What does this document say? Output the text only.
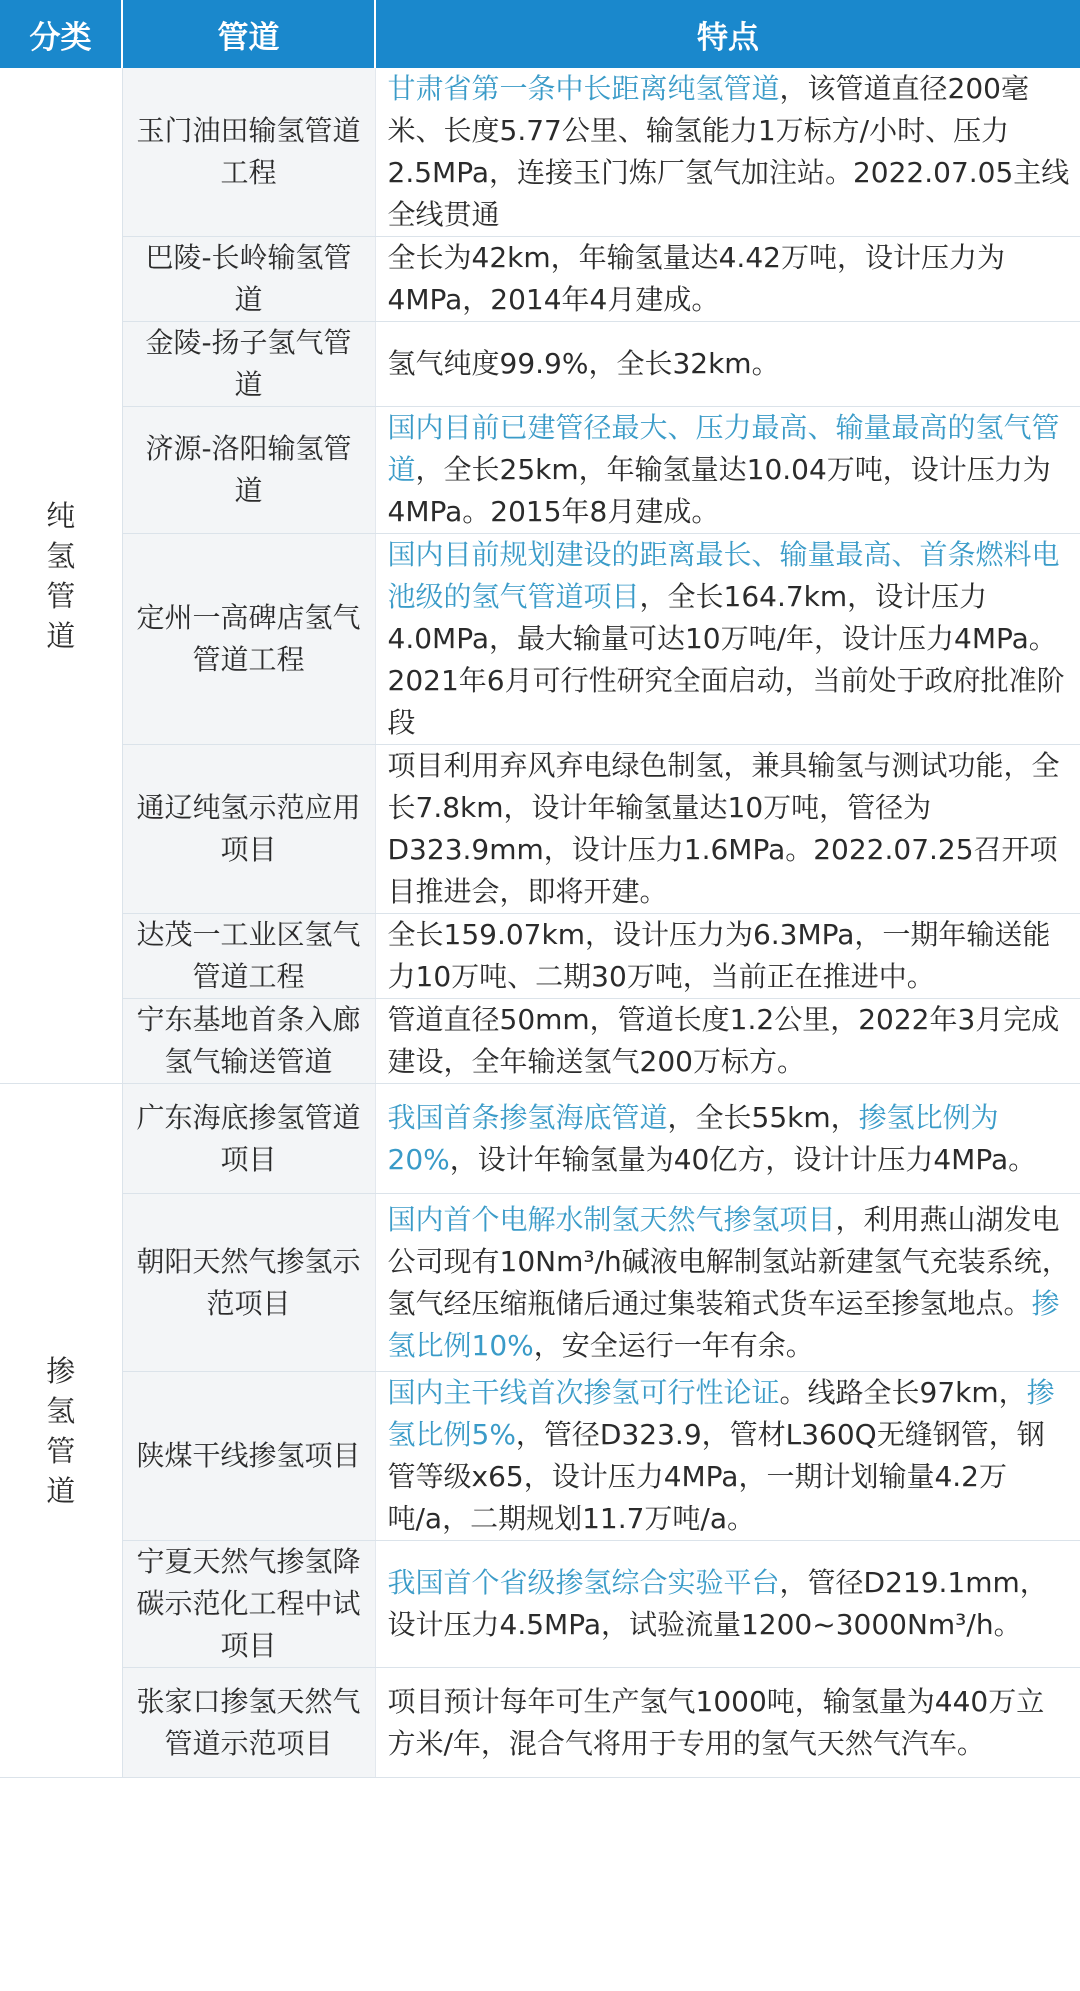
分类	管道	特点
纯氢管道	玉门油田输氢管道工程	甘肃省第一条中长距离纯氢管道，该管道直径200毫米、长度5.77公里、输氢能力1万标方/小时、压力2.5MPa，连接玉门炼厂氢气加注站。2022.07.05主线全线贯通
	巴陵-长岭输氢管道	全长为42km，年输氢量达4.42万吨，设计压力为4MPa，2014年4月建成。
	金陵-扬子氢气管道	氢气纯度99.9%，全长32km。
	济源-洛阳输氢管道	国内目前已建管径最大、压力最高、输量最高的氢气管道，全长25km，年输氢量达10.04万吨，设计压力为4MPa。2015年8月建成。
	定州一高碑店氢气管道工程	国内目前规划建设的距离最长、输量最高、首条燃料电池级的氢气管道项目，全长164.7km，设计压力4.0MPa，最大输量可达10万吨/年，设计压力4MPa。2021年6月可行性研究全面启动，当前处于政府批准阶段
	通辽纯氢示范应用项目	项目利用弃风弃电绿色制氢，兼具输氢与测试功能，全长7.8km，设计年输氢量达10万吨，管径为D323.9mm，设计压力1.6MPa。2022.07.25召开项目推进会，即将开建。
	达茂一工业区氢气管道工程	全长159.07km，设计压力为6.3MPa，一期年输送能力10万吨、二期30万吨，当前正在推进中。
	宁东基地首条入廊氢气输送管道	管道直径50mm，管道长度1.2公里，2022年3月完成建设，全年输送氢气200万标方。
掺氢管道	广东海底掺氢管道项目	我国首条掺氢海底管道，全长55km，掺氢比例为20%，设计年输氢量为40亿方，设计计压力4MPa。
	朝阳天然气掺氢示范项目	国内首个电解水制氢天然气掺氢项目，利用燕山湖发电公司现有10Nm³/h碱液电解制氢站新建氢气充装系统，氢气经压缩瓶储后通过集装箱式货车运至掺氢地点。掺氢比例10%，安全运行一年有余。
	陕煤干线掺氢项目	国内主干线首次掺氢可行性论证。线路全长97km，掺氢比例5%，管径D323.9，管材L360Q无缝钢管，钢管等级x65，设计压力4MPa，一期计划输量4.2万吨/a，二期规划11.7万吨/a。
	宁夏天然气掺氢降碳示范化工程中试项目	我国首个省级掺氢综合实验平台，管径D219.1mm，设计压力4.5MPa，试验流量1200~3000Nm³/h。
	张家口掺氢天然气管道示范项目	项目预计每年可生产氢气1000吨，输氢量为440万立方米/年，混合气将用于专用的氢气天然气汽车。
